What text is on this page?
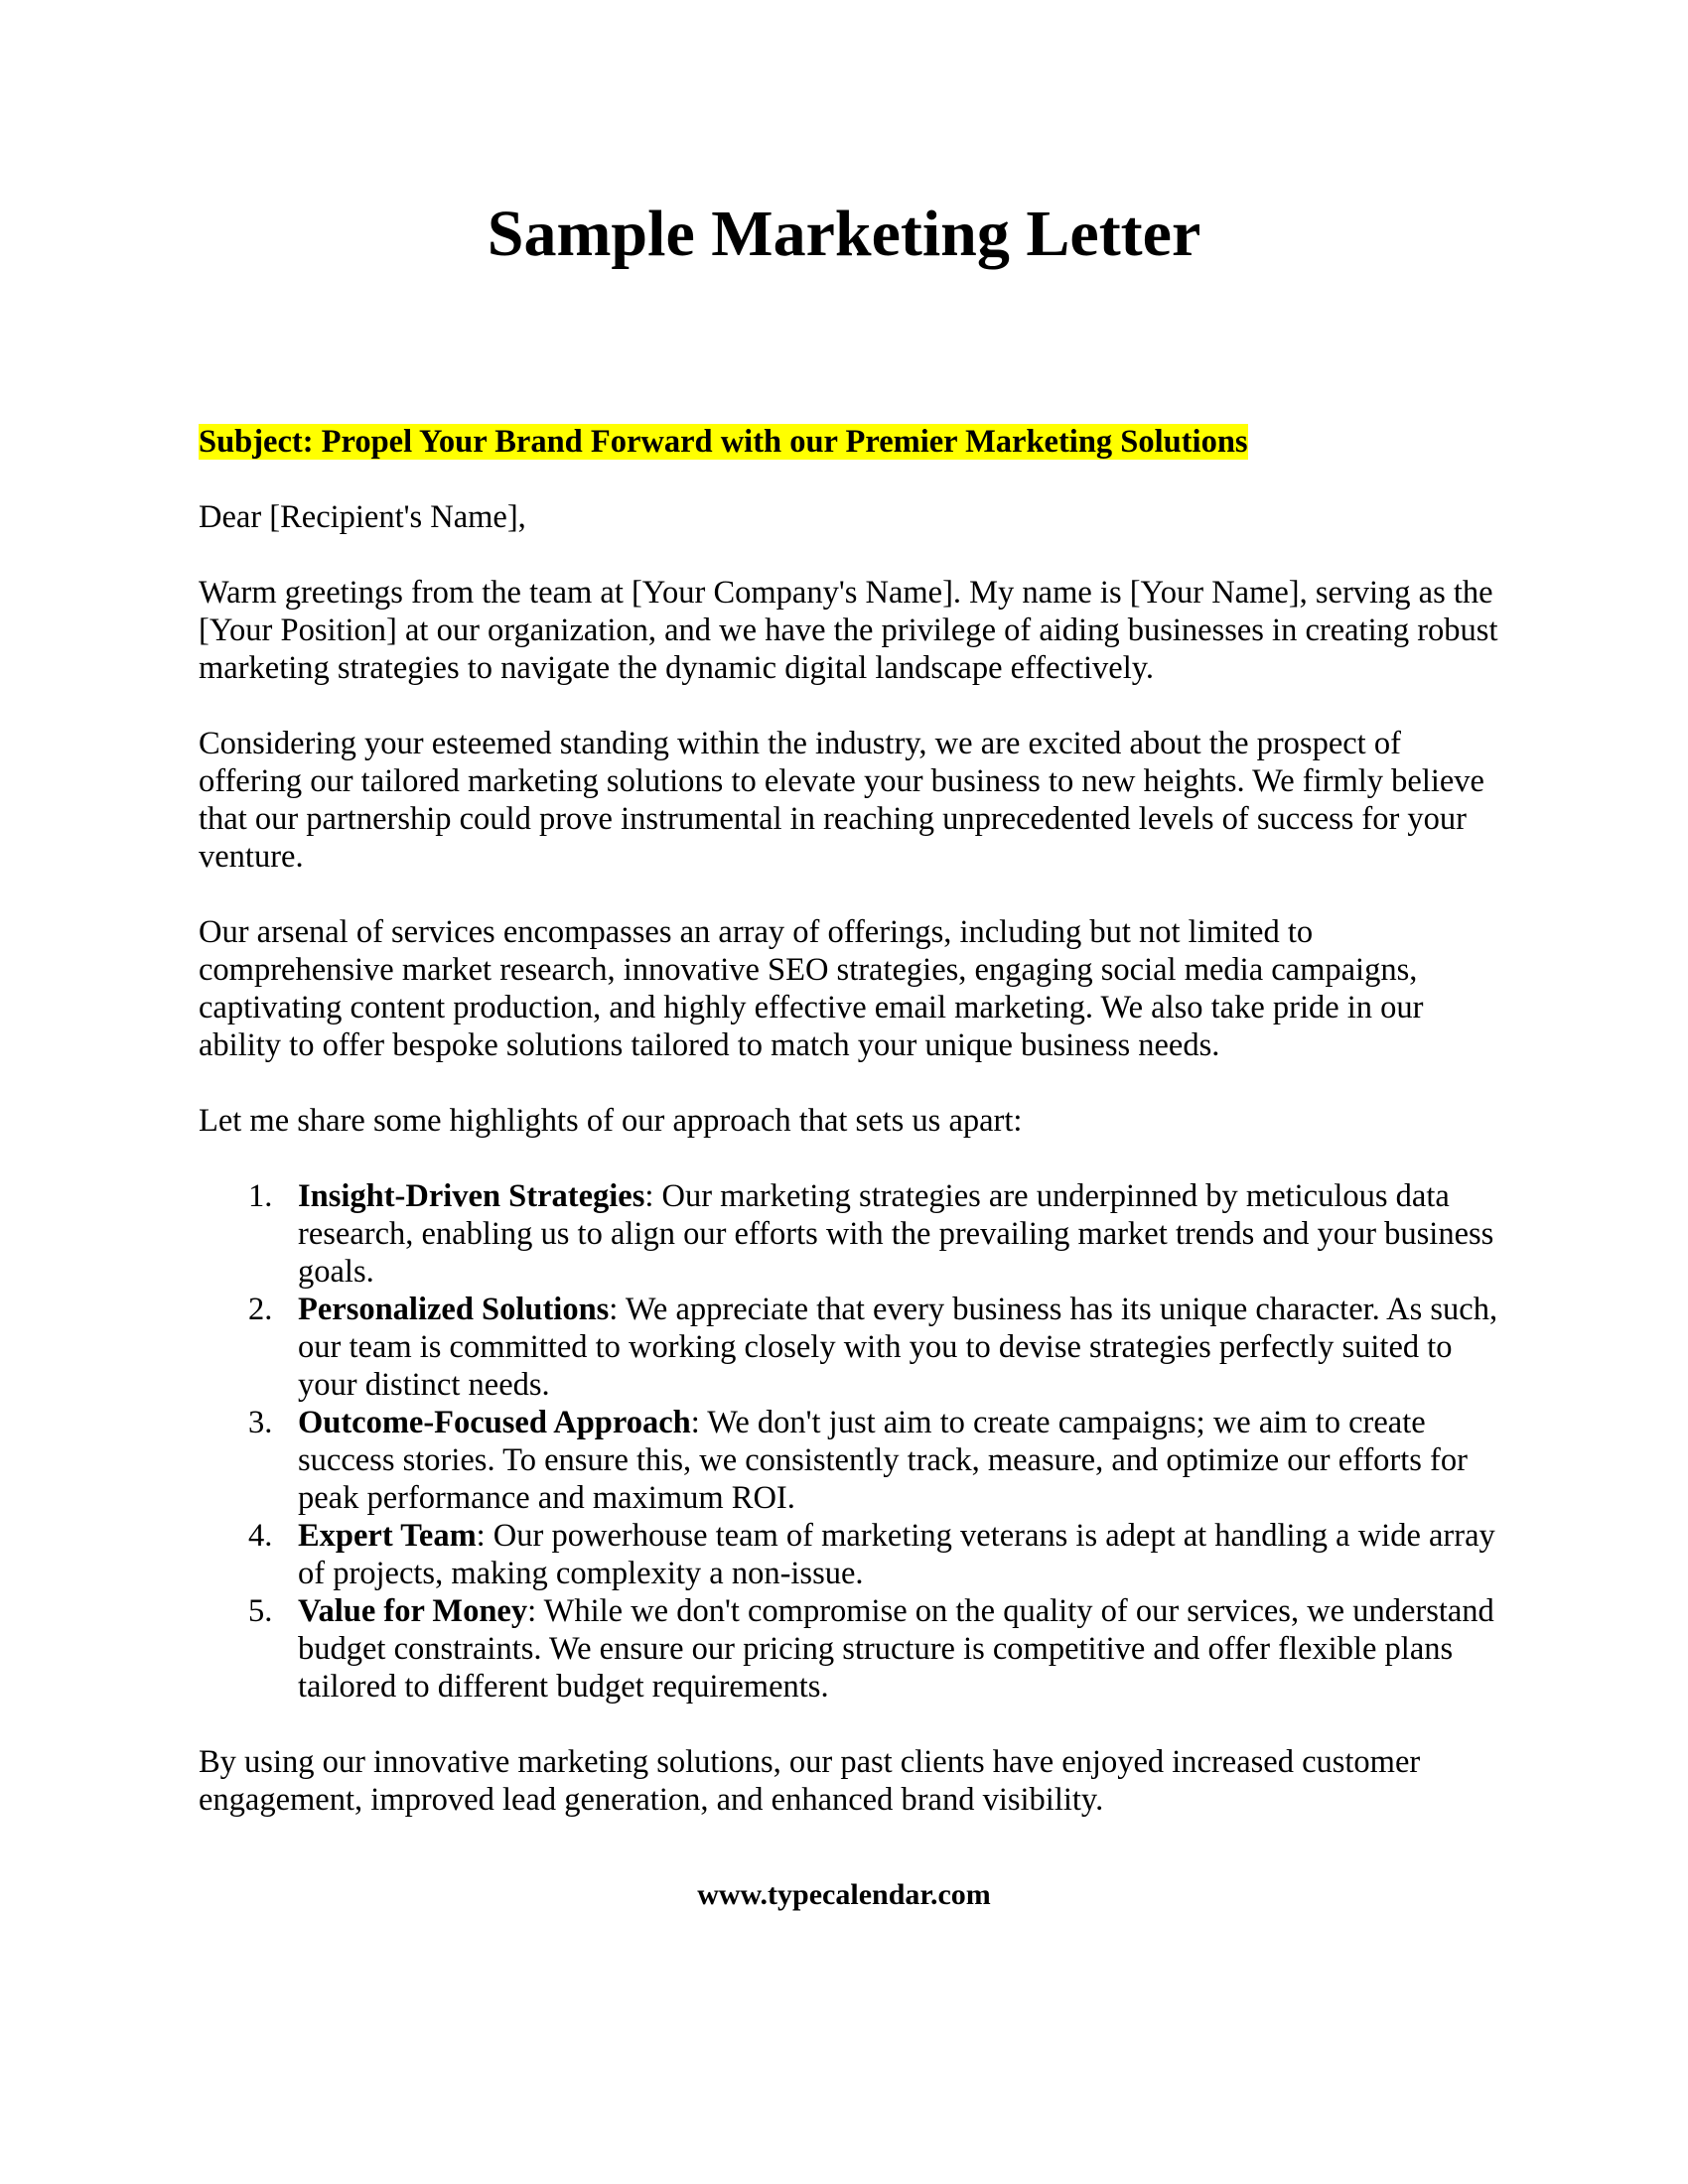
Sample Marketing Letter

Subject: Propel Your Brand Forward with our Premier Marketing Solutions

Dear [Recipient's Name],

Warm greetings from the team at [Your Company's Name]. My name is [Your Name], serving as the [Your Position] at our organization, and we have the privilege of aiding businesses in creating robust marketing strategies to navigate the dynamic digital landscape effectively.

Considering your esteemed standing within the industry, we are excited about the prospect of offering our tailored marketing solutions to elevate your business to new heights. We firmly believe that our partnership could prove instrumental in reaching unprecedented levels of success for your venture.

Our arsenal of services encompasses an array of offerings, including but not limited to comprehensive market research, innovative SEO strategies, engaging social media campaigns, captivating content production, and highly effective email marketing. We also take pride in our ability to offer bespoke solutions tailored to match your unique business needs.

Let me share some highlights of our approach that sets us apart:

1. Insight-Driven Strategies: Our marketing strategies are underpinned by meticulous data research, enabling us to align our efforts with the prevailing market trends and your business goals.
2. Personalized Solutions: We appreciate that every business has its unique character. As such, our team is committed to working closely with you to devise strategies perfectly suited to your distinct needs.
3. Outcome-Focused Approach: We don't just aim to create campaigns; we aim to create success stories. To ensure this, we consistently track, measure, and optimize our efforts for peak performance and maximum ROI.
4. Expert Team: Our powerhouse team of marketing veterans is adept at handling a wide array of projects, making complexity a non-issue.
5. Value for Money: While we don't compromise on the quality of our services, we understand budget constraints. We ensure our pricing structure is competitive and offer flexible plans tailored to different budget requirements.

By using our innovative marketing solutions, our past clients have enjoyed increased customer engagement, improved lead generation, and enhanced brand visibility.

www.typecalendar.com
